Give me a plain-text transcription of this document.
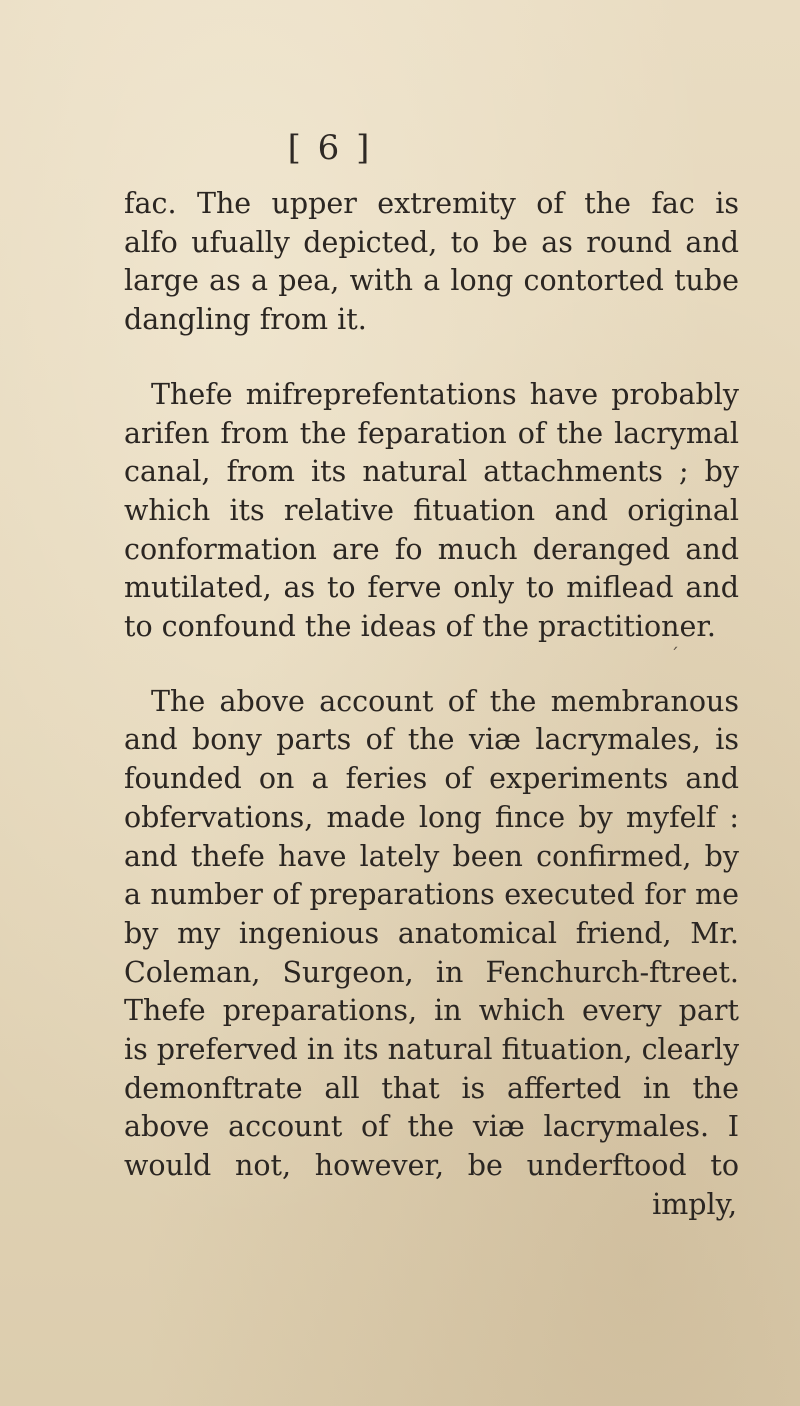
[ 6 ]
fac. The upper extremity of the fac is
alfo ufually depicted, to be as round and
large as a pea, with a long contorted tube
dangling from it.
Thefe mifreprefentations have probably
arifen from the feparation of the lacrymal
canal, from its natural attachments ; by
which its relative fituation and original
conformation are fo much deranged and
mutilated, as to ferve only to miflead and
to confound the ideas of the practitioner.
The above account of the membranous
and bony parts of the viæ lacrymales, is
founded on a feries of experiments and
obfervations, made long fince by myfelf :
and thefe have lately been confirmed, by
a number of preparations executed for me
by my ingenious anatomical friend, Mr.
Coleman, Surgeon, in Fenchurch-ftreet.
Thefe preparations, in which every part
is preferved in its natural fituation, clearly
demonftrate all that is afferted in the
above account of the viæ lacrymales. I
would not, however, be underftood to
imply,
ˊ
